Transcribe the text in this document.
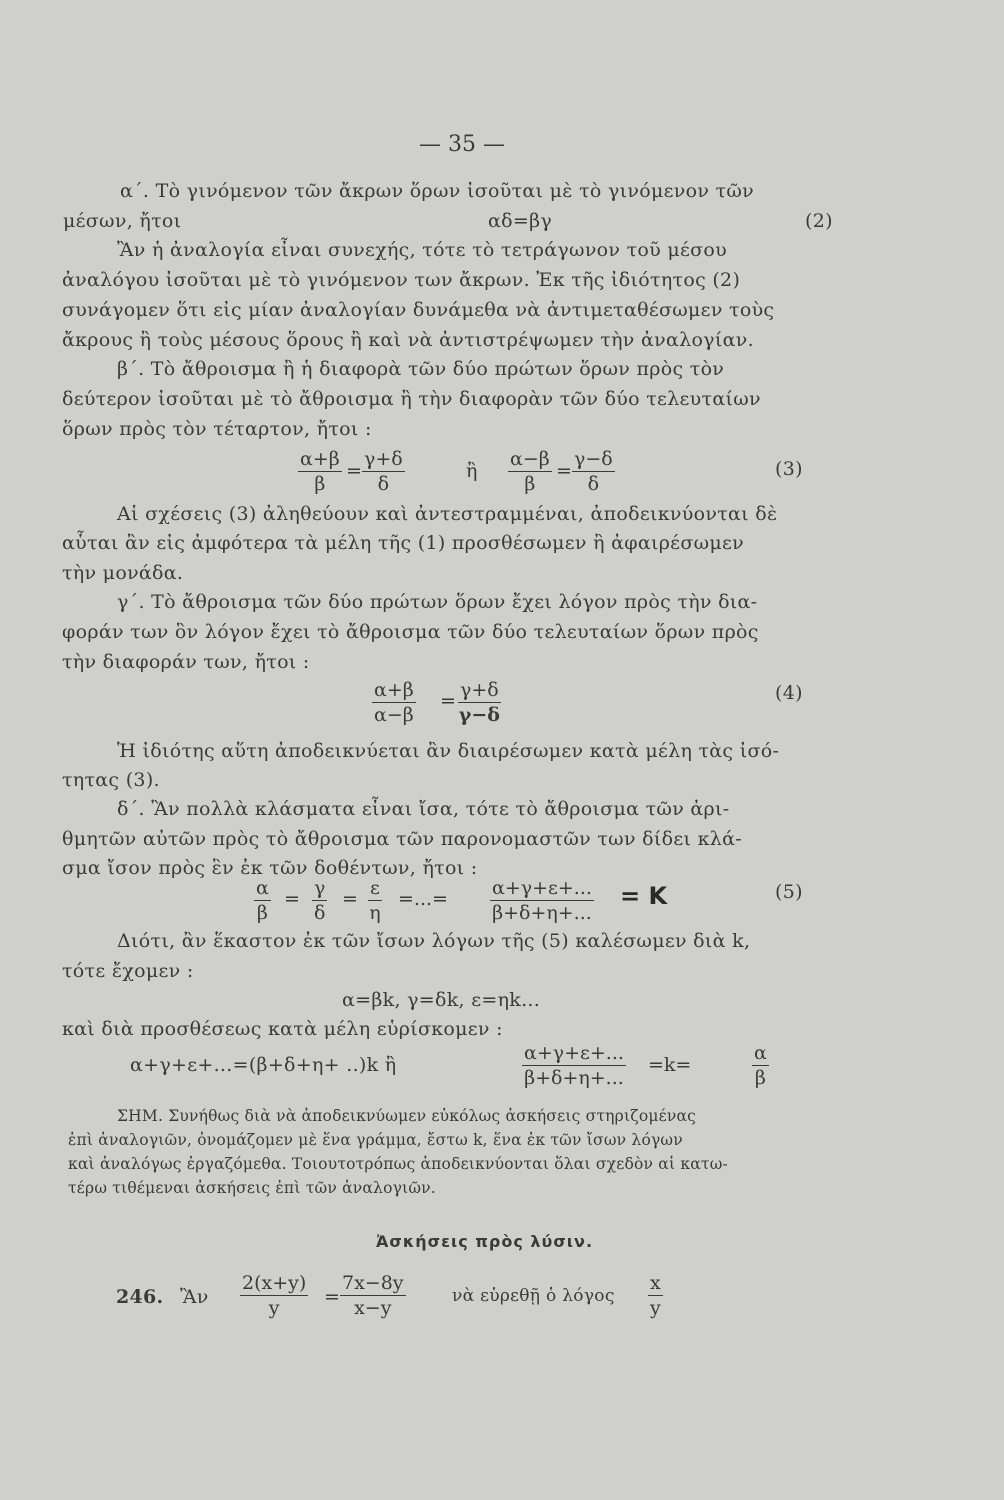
— 35 —
α΄. Τὸ γινόμενον τῶν ἄκρων ὅρων ἰσοῦται μὲ τὸ γινόμενον τῶν
μέσων, ἤτοι	αδ=βγ	(2)
Ἂν ἡ ἀναλογία εἶναι συνεχής, τότε τὸ τετράγωνον τοῦ μέσου
ἀναλόγου ἰσοῦται μὲ τὸ γινόμενον των ἄκρων. Ἐκ τῆς ἰδιότητος (2)
συνάγομεν ὅτι εἰς μίαν ἀναλογίαν δυνάμεθα νὰ ἀντιμεταθέσωμεν τοὺς
ἄκρους ἢ τοὺς μέσους ὅρους ἢ καὶ νὰ ἀντιστρέψωμεν τὴν ἀναλογίαν.
β΄. Τὸ ἄθροισμα ἢ ἡ διαφορὰ τῶν δύο πρώτων ὅρων πρὸς τὸν
δεύτερον ἰσοῦται μὲ τὸ ἄθροισμα ἢ τὴν διαφορὰν τῶν δύο τελευταίων
ὅρων πρὸς τὸν τέταρτον, ἤτοι :
α+β
β
=
γ+δ
δ
ἢ
α−β
β
=
γ−δ
δ
(3)
Αἱ σχέσεις (3) ἀληθεύουν καὶ ἀντεστραμμέναι, ἀποδεικνύονται δὲ
αὗται ἂν εἰς ἀμφότερα τὰ μέλη τῆς (1) προσθέσωμεν ἢ ἀφαιρέσωμεν
τὴν μονάδα.
γ΄. Τὸ ἄθροισμα τῶν δύο πρώτων ὅρων ἔχει λόγον πρὸς τὴν δια-
φοράν των ὃν λόγον ἔχει τὸ ἄθροισμα τῶν δύο τελευταίων ὅρων πρὸς
τὴν διαφοράν των, ἤτοι :
α+β
α−β
= γ+δ
γ−δ
(4)
Ἡ ἰδιότης αὕτη ἀποδεικνύεται ἂν διαιρέσωμεν κατὰ μέλη τὰς ἰσό-
τητας (3).
δ΄. Ἂν πολλὰ κλάσματα εἶναι ἴσα, τότε τὸ ἄθροισμα τῶν ἀρι-
θμητῶν αὐτῶν πρὸς τὸ ἄθροισμα τῶν παρονομαστῶν των δίδει κλά-
σμα ἴσον πρὸς ἓν ἐκ τῶν δοθέντων, ἤτοι :
α
β
= γ
δ
= ε
η
=...= α+γ+ε+...
β+δ+η+...
= K	(5)
Διότι, ἂν ἕκαστον ἐκ τῶν ἴσων λόγων τῆς (5) καλέσωμεν διὰ k,
τότε ἔχομεν :
α=βk, γ=δk, ε=ηk...
καὶ διὰ προσθέσεως κατὰ μέλη εὑρίσκομεν :
α+γ+ε+...=(β+δ+η+ ..)k ἢ
α+γ+ε+...
β+δ+η+...
=k=
α
β
ΣΗΜ. Συνήθως διὰ νὰ ἀποδεικνύωμεν εὐκόλως ἀσκήσεις στηριζομένας
ἐπὶ ἀναλογιῶν, ὀνομάζομεν μὲ ἕνα γράμμα, ἔστω k, ἕνα ἐκ τῶν ἴσων λόγων
καὶ ἀναλόγως ἐργαζόμεθα. Τοιουτοτρόπως ἀποδεικνύονται ὅλαι σχεδὸν αἱ κατω-
τέρω τιθέμεναι ἀσκήσεις ἐπὶ τῶν ἀναλογιῶν.
Ἀσκήσεις πρὸς λύσιν.
246. Ἂν
2(x+y)
y =
7x−8y
x−y
νὰ εὑρεθῇ ὁ λόγος
x
y
